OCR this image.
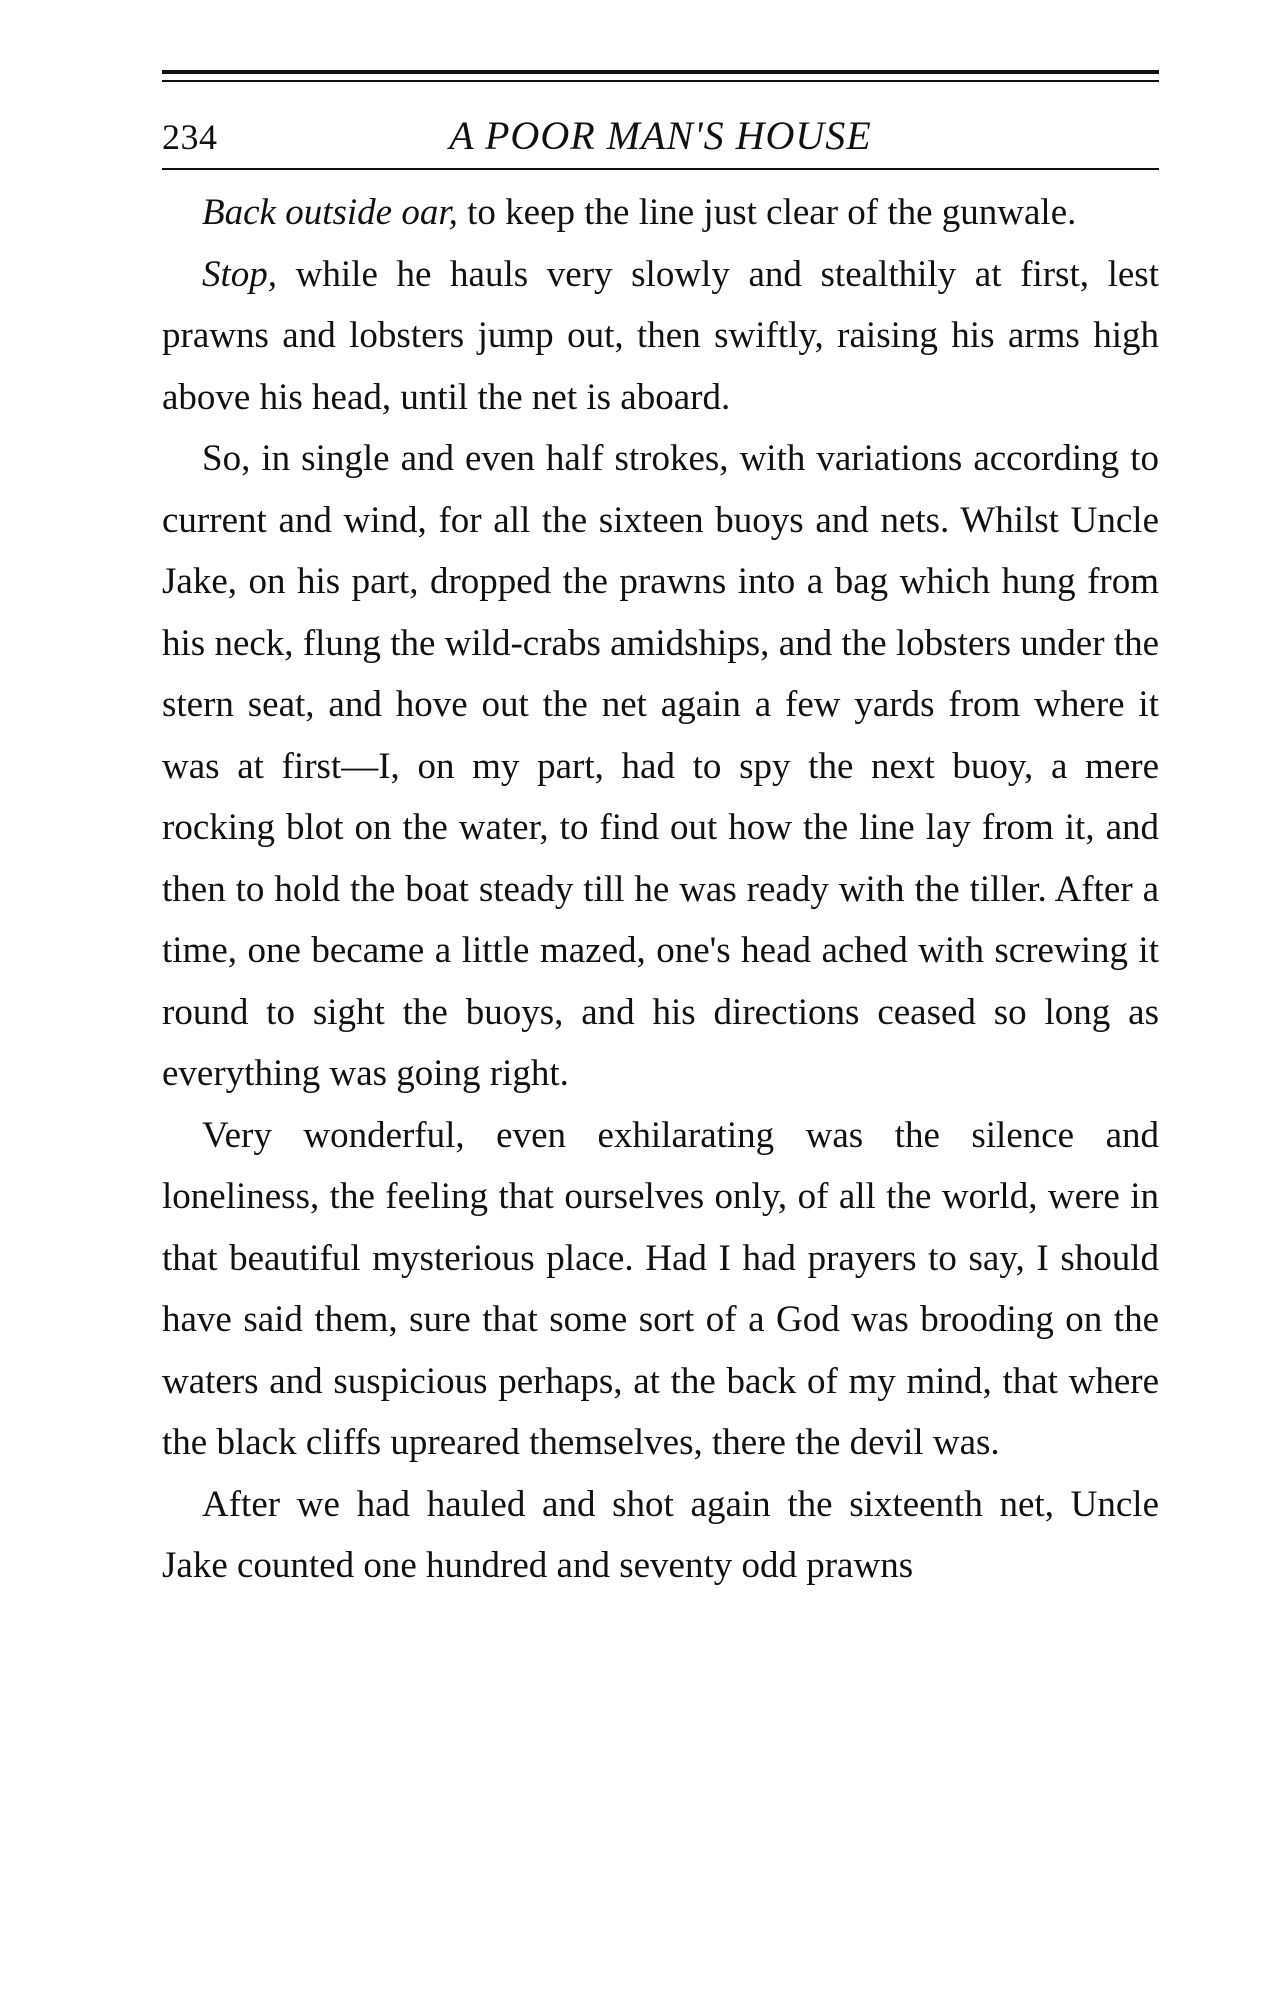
234	A POOR MAN'S HOUSE

Back outside oar, to keep the line just clear of the gunwale.

Stop, while he hauls very slowly and stealthily at first, lest prawns and lobsters jump out, then swiftly, raising his arms high above his head, until the net is aboard.

So, in single and even half strokes, with variations according to current and wind, for all the sixteen buoys and nets. Whilst Uncle Jake, on his part, dropped the prawns into a bag which hung from his neck, flung the wild-crabs amidships, and the lobsters under the stern seat, and hove out the net again a few yards from where it was at first—I, on my part, had to spy the next buoy, a mere rocking blot on the water, to find out how the line lay from it, and then to hold the boat steady till he was ready with the tiller. After a time, one became a little mazed, one's head ached with screwing it round to sight the buoys, and his directions ceased so long as everything was going right.

Very wonderful, even exhilarating was the silence and loneliness, the feeling that ourselves only, of all the world, were in that beautiful mysterious place. Had I had prayers to say, I should have said them, sure that some sort of a God was brooding on the waters and suspicious perhaps, at the back of my mind, that where the black cliffs upreared themselves, there the devil was.

After we had hauled and shot again the sixteenth net, Uncle Jake counted one hundred and seventy odd prawns
